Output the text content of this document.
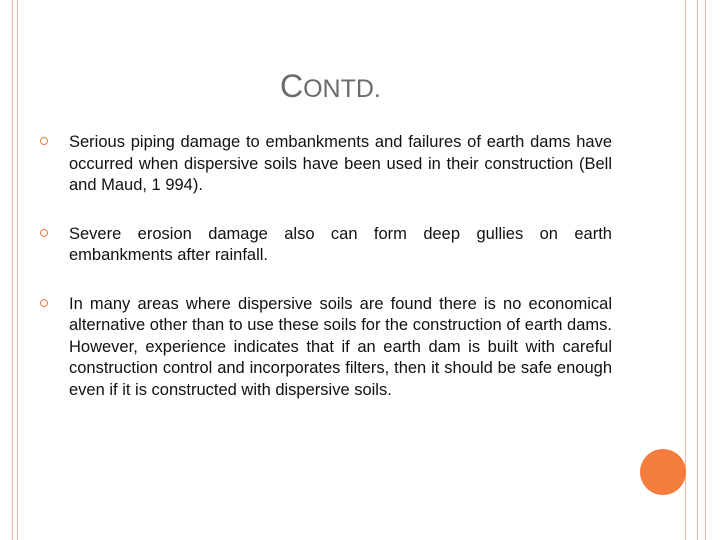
CONTD.
Serious piping damage to embankments and failures of earth dams have occurred when dispersive soils have been used in their construction (Bell and Maud, 1 994).
Severe erosion damage also can form deep gullies on earth embankments after rainfall.
In many areas where dispersive soils are found there is no economical alternative other than to use these soils for the construction of earth dams. However, experience indicates that if an earth dam is built with careful construction control and incorporates filters, then it should be safe enough even if it is constructed with dispersive soils.
